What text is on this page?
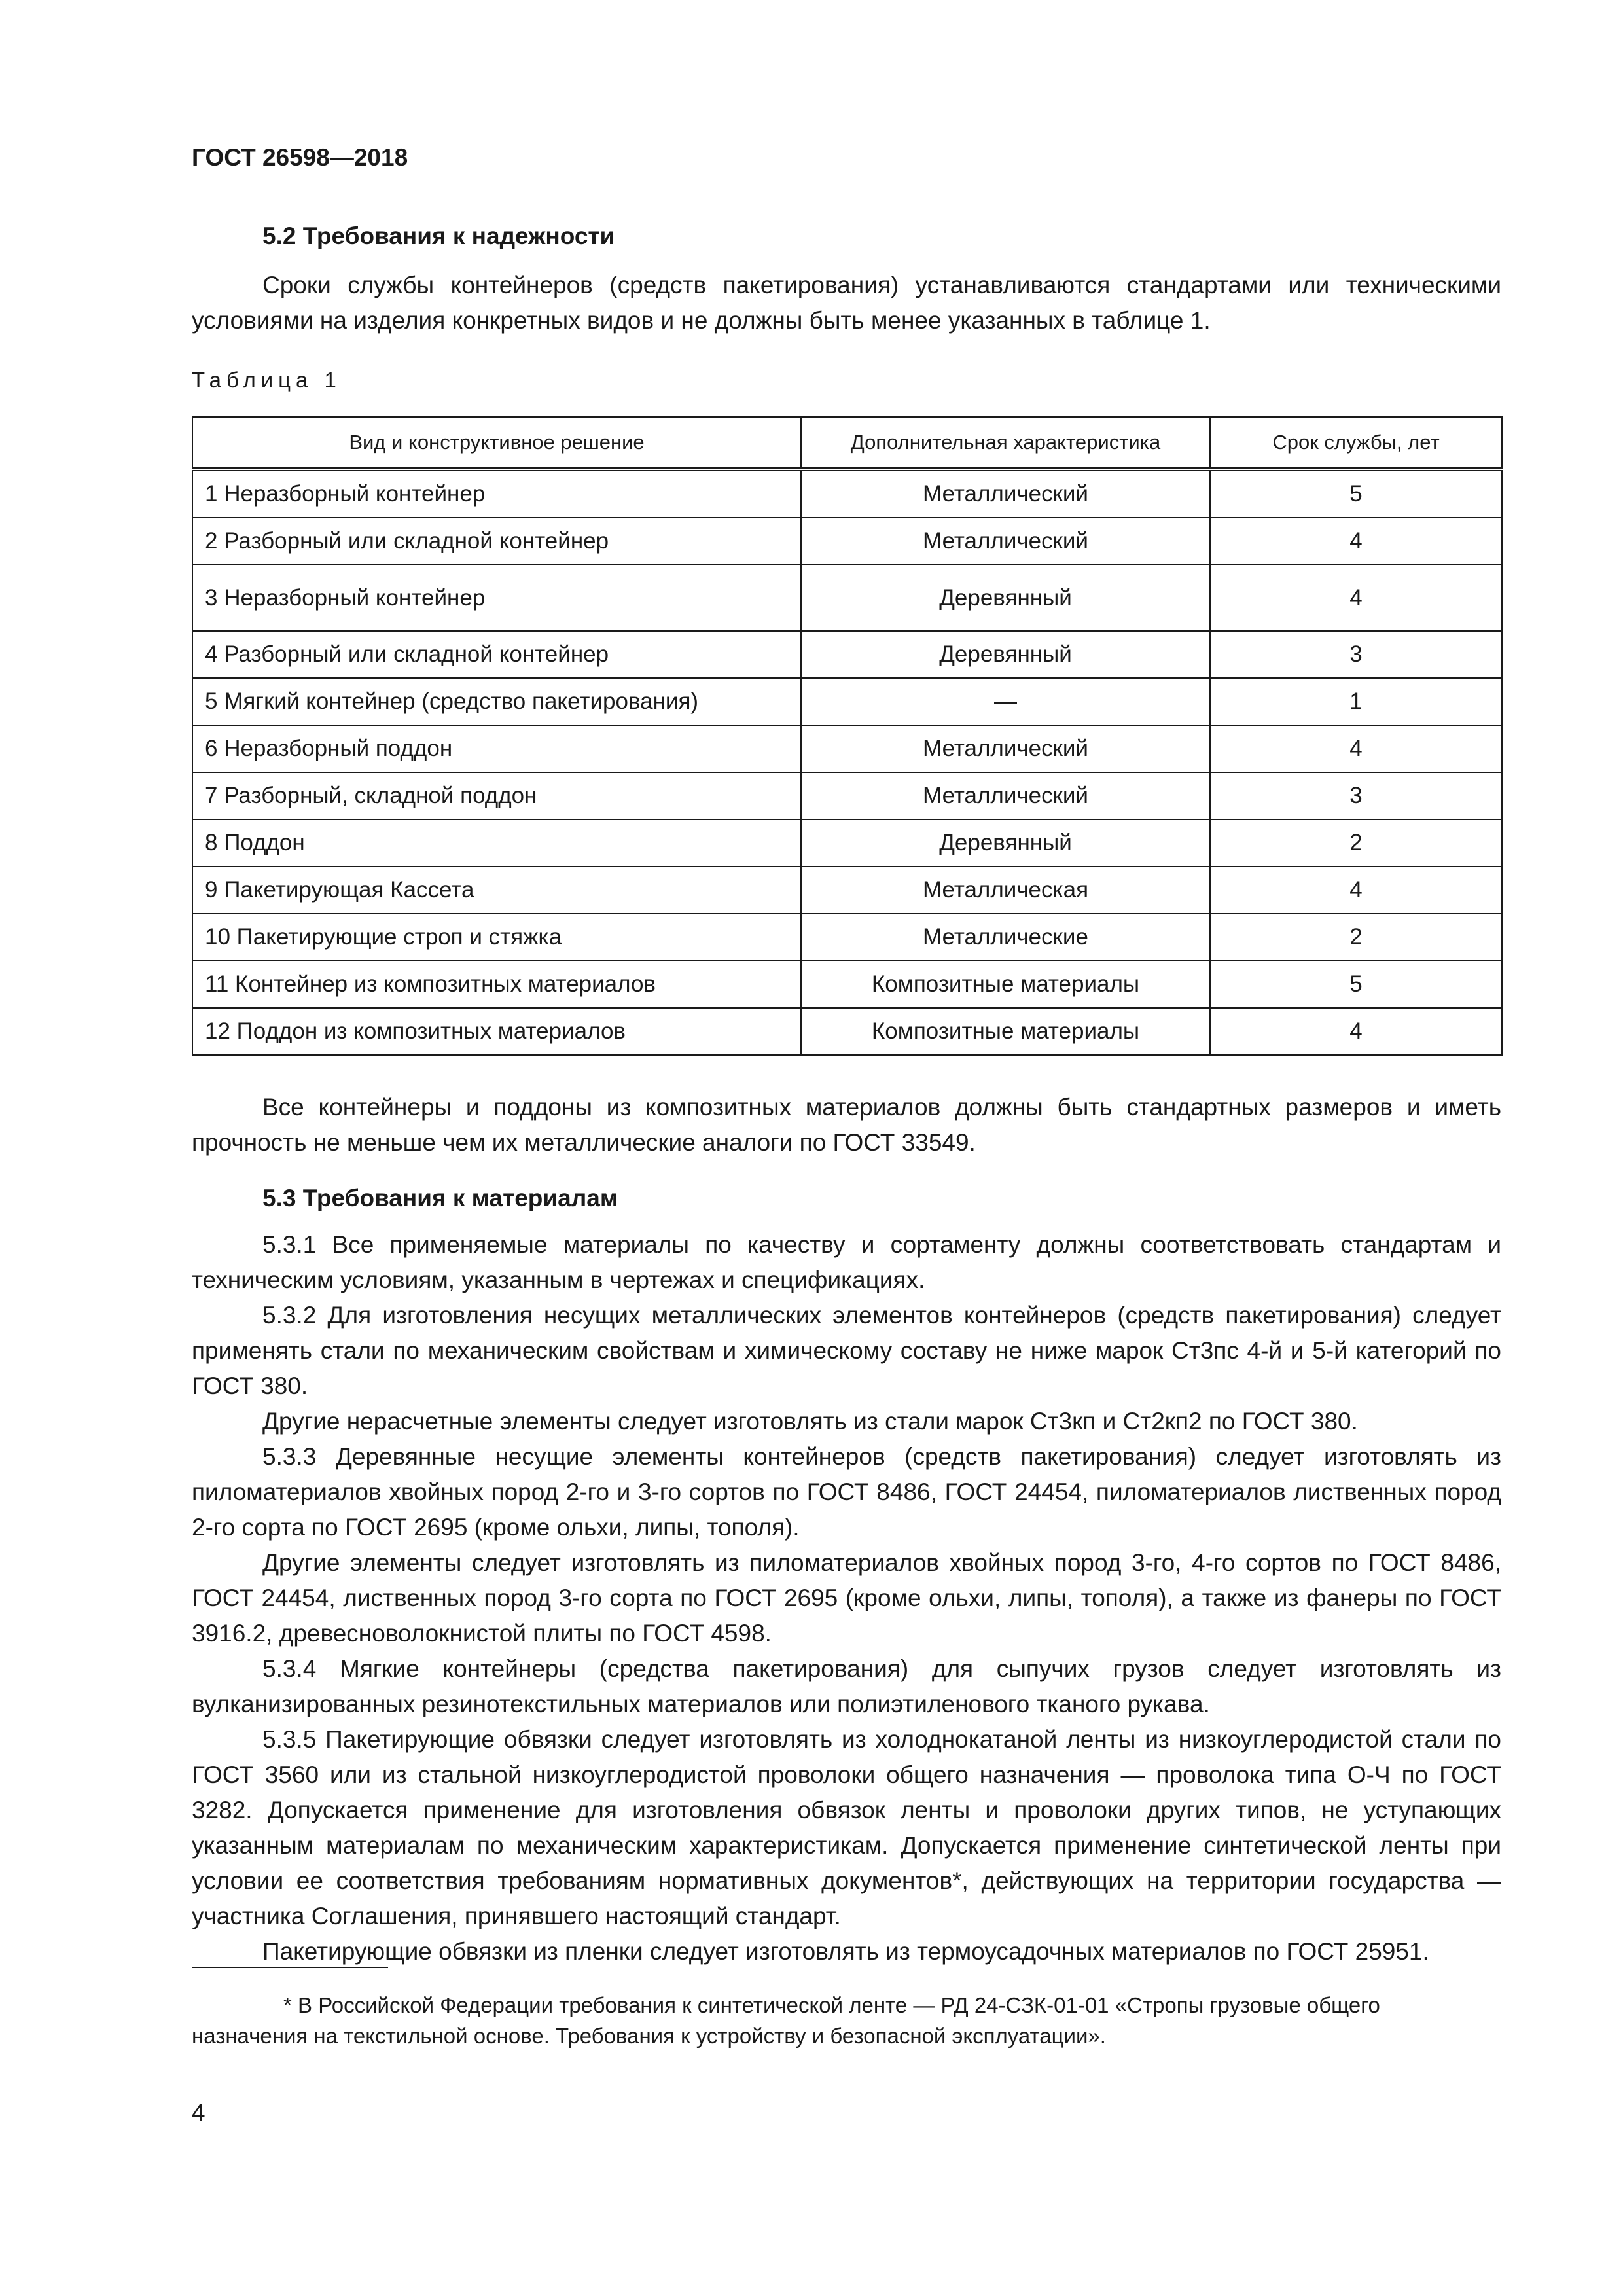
ГОСТ 26598—2018
5.2 Требования к надежности

Сроки службы контейнеров (средств пакетирования) устанавливаются стандартами или техническими условиями на изделия конкретных видов и не должны быть менее указанных в таблице 1.

Таблица 1
Вид и конструктивное решение	Дополнительная характеристика	Срок службы, лет
1 Неразборный контейнер	Металлический	5
2 Разборный или складной контейнер	Металлический	4
3 Неразборный контейнер	Деревянный	4
4 Разборный или складной контейнер	Деревянный	3
5 Мягкий контейнер (средство пакетирования)	—	1
6 Неразборный поддон	Металлический	4
7 Разборный, складной поддон	Металлический	3
8 Поддон	Деревянный	2
9 Пакетирующая Кассета	Металлическая	4
10 Пакетирующие строп и стяжка	Металлические	2
11 Контейнер из композитных материалов	Композитные материалы	5
12 Поддон из композитных материалов	Композитные материалы	4

Все контейнеры и поддоны из композитных материалов должны быть стандартных размеров и иметь прочность не меньше чем их металлические аналоги по ГОСТ 33549.

5.3 Требования к материалам

5.3.1 Все применяемые материалы по качеству и сортаменту должны соответствовать стандартам и техническим условиям, указанным в чертежах и спецификациях.

5.3.2 Для изготовления несущих металлических элементов контейнеров (средств пакетирования) следует применять стали по механическим свойствам и химическому составу не ниже марок Ст3пс 4-й и 5-й категорий по ГОСТ 380.

Другие нерасчетные элементы следует изготовлять из стали марок Ст3кп и Ст2кп2 по ГОСТ 380.

5.3.3 Деревянные несущие элементы контейнеров (средств пакетирования) следует изготовлять из пиломатериалов хвойных пород 2-го и 3-го сортов по ГОСТ 8486, ГОСТ 24454, пиломатериалов лиственных пород 2-го сорта по ГОСТ 2695 (кроме ольхи, липы, тополя).

Другие элементы следует изготовлять из пиломатериалов хвойных пород 3-го, 4-го сортов по ГОСТ 8486, ГОСТ 24454, лиственных пород 3-го сорта по ГОСТ 2695 (кроме ольхи, липы, тополя), а также из фанеры по ГОСТ 3916.2, древесноволокнистой плиты по ГОСТ 4598.

5.3.4 Мягкие контейнеры (средства пакетирования) для сыпучих грузов следует изготовлять из вулканизированных резинотекстильных материалов или полиэтиленового тканого рукава.

5.3.5 Пакетирующие обвязки следует изготовлять из холоднокатаной ленты из низкоуглеродистой стали по ГОСТ 3560 или из стальной низкоуглеродистой проволоки общего назначения — проволока типа О-Ч по ГОСТ 3282. Допускается применение для изготовления обвязок ленты и проволоки других типов, не уступающих указанным материалам по механическим характеристикам. Допускается применение синтетической ленты при условии ее соответствия требованиям нормативных документов*, действующих на территории государства — участника Соглашения, принявшего настоящий стандарт.

Пакетирующие обвязки из пленки следует изготовлять из термоусадочных материалов по ГОСТ 25951.

* В Российской Федерации требования к синтетической ленте — РД 24-СЗК-01-01 «Стропы грузовые общего назначения на текстильной основе. Требования к устройству и безопасной эксплуатации».
4
